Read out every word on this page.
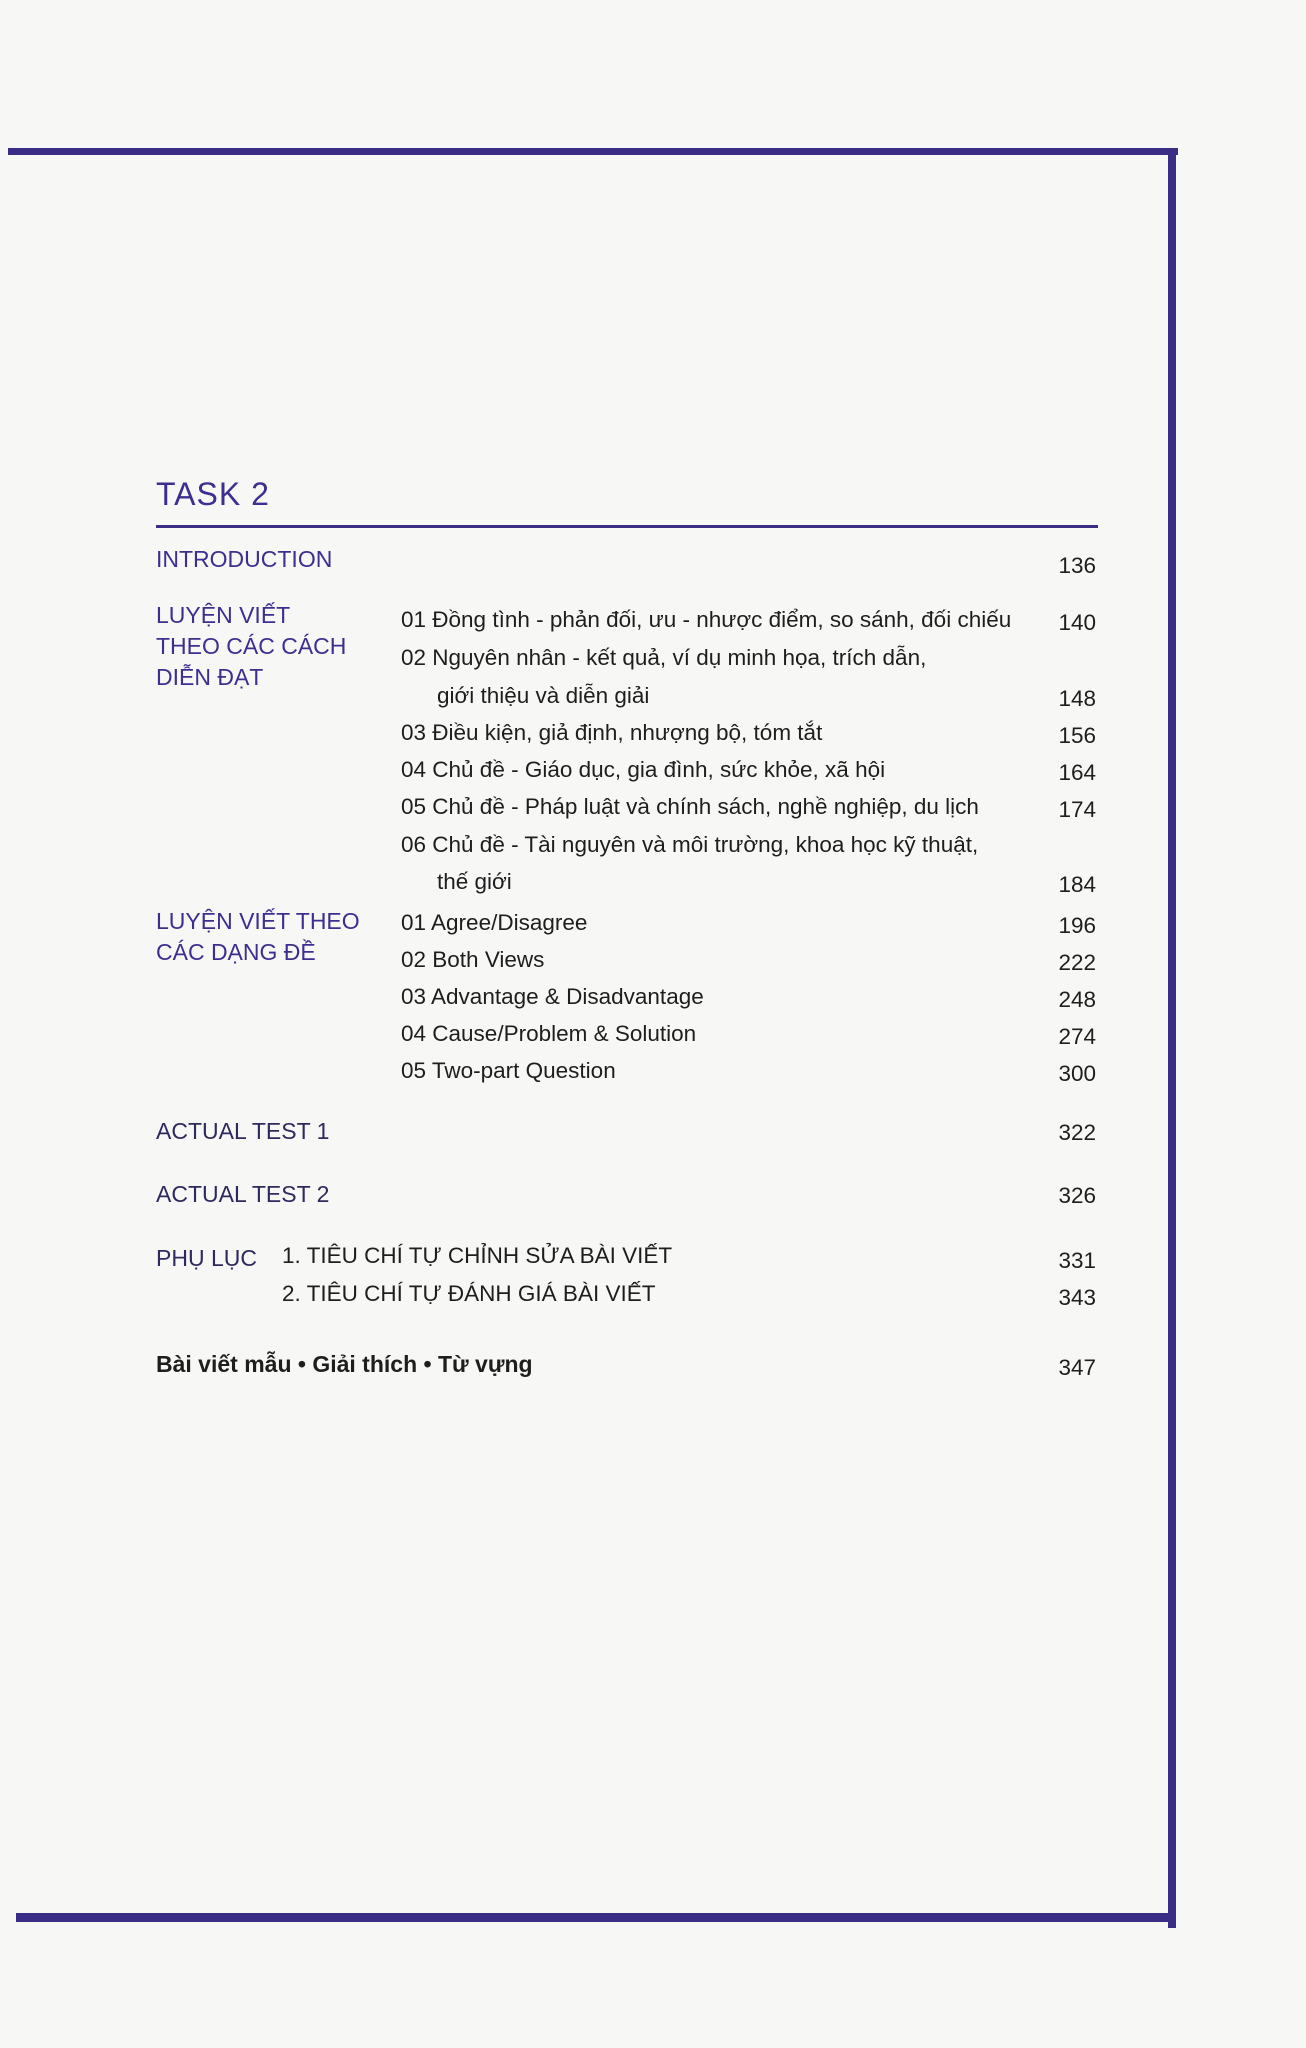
TASK 2
INTRODUCTION	136
LUYỆN VIẾT
THEO CÁC CÁCH
DIỄN ĐẠT
01 Đồng tình - phản đối, ưu - nhược điểm, so sánh, đối chiếu	140
02 Nguyên nhân - kết quả, ví dụ minh họa, trích dẫn,
giới thiệu và diễn giải	148
03 Điều kiện, giả định, nhượng bộ, tóm tắt	156
04 Chủ đề - Giáo dục, gia đình, sức khỏe, xã hội	164
05 Chủ đề - Pháp luật và chính sách, nghề nghiệp, du lịch	174
06 Chủ đề - Tài nguyên và môi trường, khoa học kỹ thuật,
thế giới	184
LUYỆN VIẾT THEO
CÁC DẠNG ĐỀ
01 Agree/Disagree	196
02 Both Views	222
03 Advantage & Disadvantage	248
04 Cause/Problem & Solution	274
05 Two-part Question	300
ACTUAL TEST 1	322
ACTUAL TEST 2	326
PHỤ LỤC 1. TIÊU CHÍ TỰ CHỈNH SỬA BÀI VIẾT	331
2. TIÊU CHÍ TỰ ĐÁNH GIÁ BÀI VIẾT	343
Bài viết mẫu • Giải thích • Từ vựng	347
